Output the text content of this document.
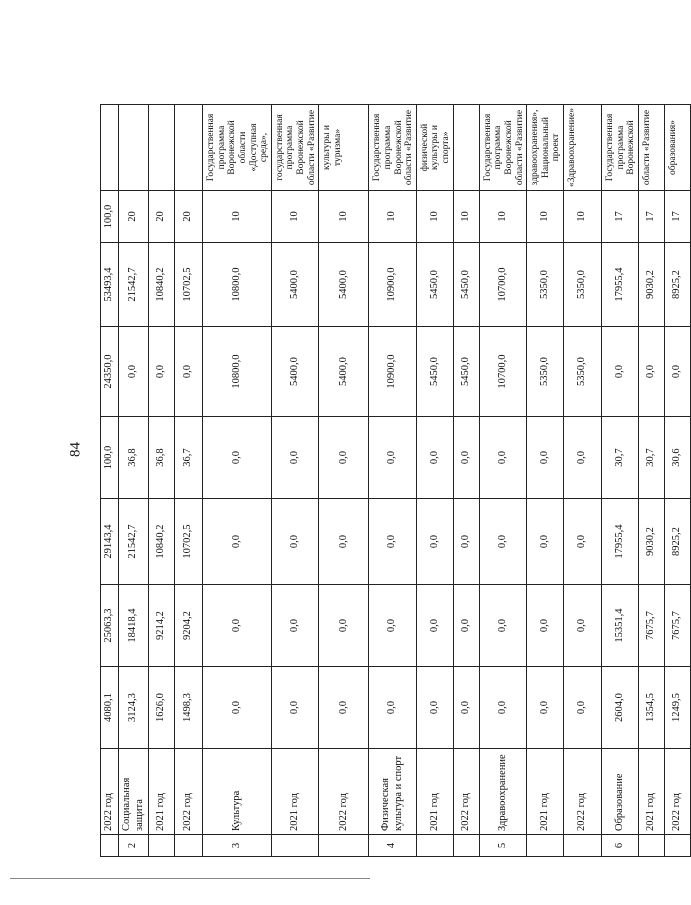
84
	2022 год	4080,1	25063,3	29143,4	100,0	24350,0	53493,4	100,0	
2	Социальная защита	3124,3	18418,4	21542,7	36,8	0,0	21542,7	20	
	2021 год	1626,0	9214,2	10840,2	36,8	0,0	10840,2	20	
	2022 год	1498,3	9204,2	10702,5	36,7	0,0	10702,5	20	
3	Культура	0,0	0,0	0,0	0,0	10800,0	10800,0	10	Государственная программа Воронежской области «Доступная среда»,
	2021 год	0,0	0,0	0,0	0,0	5400,0	5400,0	10	государственная программа Воронежской области «Развитие
	2022 год	0,0	0,0	0,0	0,0	5400,0	5400,0	10	культуры и туризма»
4	Физическая культура и спорт	0,0	0,0	0,0	0,0	10900,0	10900,0	10	Государственная программа Воронежской области «Развитие
	2021 год	0,0	0,0	0,0	0,0	5450,0	5450,0	10	физической культуры и спорта»
	2022 год	0,0	0,0	0,0	0,0	5450,0	5450,0	10	
5	Здравоохранение	0,0	0,0	0,0	0,0	10700,0	10700,0	10	Государственная программа Воронежской области «Развитие
	2021 год	0,0	0,0	0,0	0,0	5350,0	5350,0	10	здравоохранения», Национальный проект
	2022 год	0,0	0,0	0,0	0,0	5350,0	5350,0	10	«Здравоохранение»
6	Образование	2604,0	15351,4	17955,4	30,7	0,0	17955,4	17	Государственная программа Воронежской
	2021 год	1354,5	7675,7	9030,2	30,7	0,0	9030,2	17	области «Развитие
	2022 год	1249,5	7675,7	8925,2	30,6	0,0	8925,2	17	образования»
